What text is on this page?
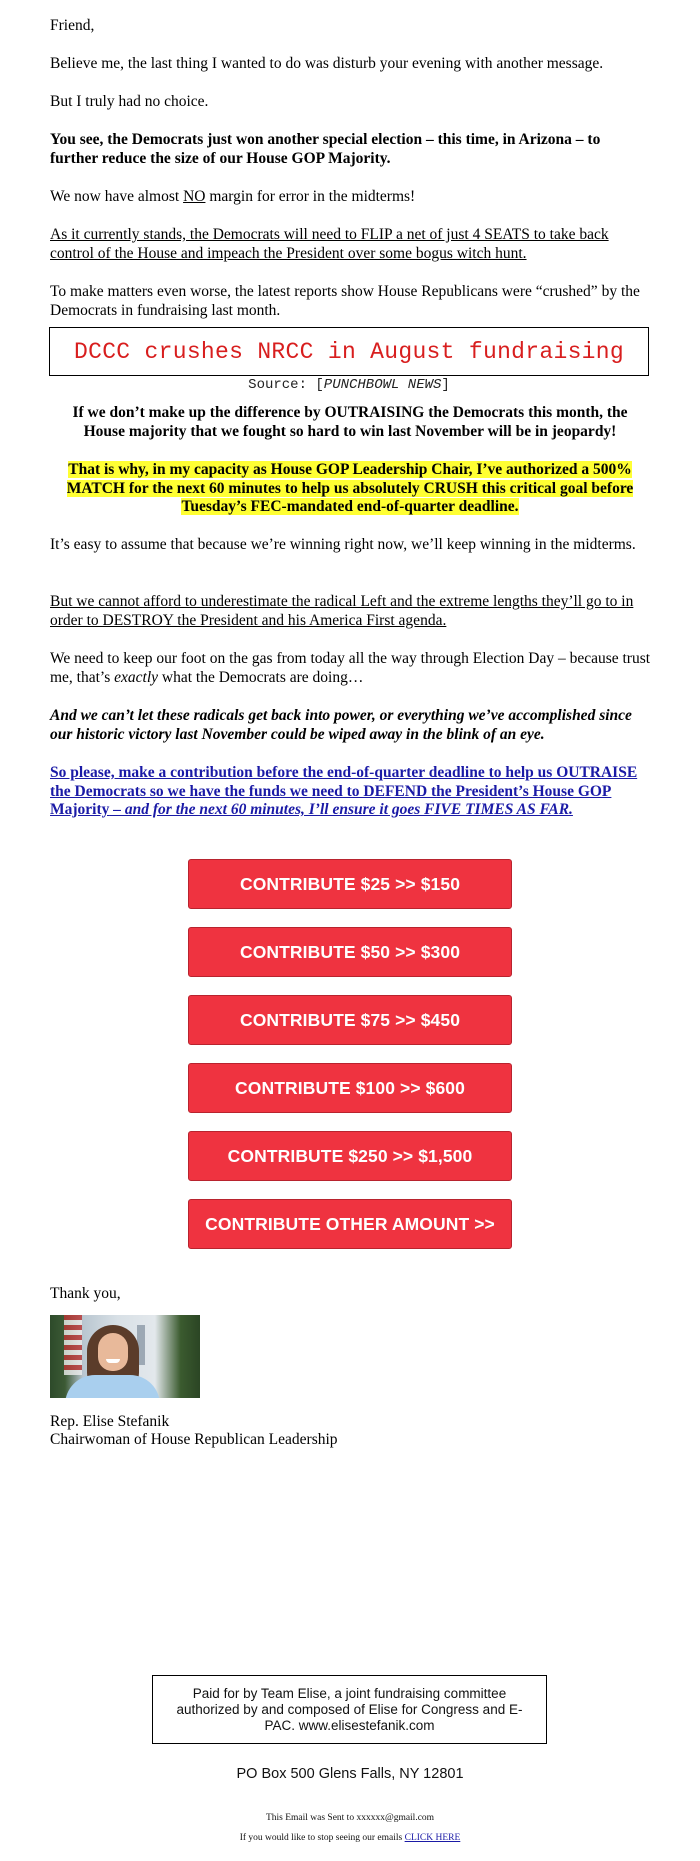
Friend,

Believe me, the last thing I wanted to do was disturb your evening with another message.

But I truly had no choice.

You see, the Democrats just won another special election – this time, in Arizona – to further reduce the size of our House GOP Majority.

We now have almost NO margin for error in the midterms!

As it currently stands, the Democrats will need to FLIP a net of just 4 SEATS to take back control of the House and impeach the President over some bogus witch hunt.

To make matters even worse, the latest reports show House Republicans were “crushed” by the Democrats in fundraising last month.

DCCC crushes NRCC in August fundraising
Source: [PUNCHBOWL NEWS]

If we don’t make up the difference by OUTRAISING the Democrats this month, the House majority that we fought so hard to win last November will be in jeopardy!

That is why, in my capacity as House GOP Leadership Chair, I’ve authorized a 500% MATCH for the next 60 minutes to help us absolutely CRUSH this critical goal before Tuesday’s FEC-mandated end-of-quarter deadline.

It’s easy to assume that because we’re winning right now, we’ll keep winning in the midterms.

But we cannot afford to underestimate the radical Left and the extreme lengths they’ll go to in order to DESTROY the President and his America First agenda.

We need to keep our foot on the gas from today all the way through Election Day – because trust me, that’s exactly what the Democrats are doing…

And we can’t let these radicals get back into power, or everything we’ve accomplished since our historic victory last November could be wiped away in the blink of an eye.

So please, make a contribution before the end-of-quarter deadline to help us OUTRAISE the Democrats so we have the funds we need to DEFEND the President’s House GOP Majority – and for the next 60 minutes, I’ll ensure it goes FIVE TIMES AS FAR.

CONTRIBUTE $25 >> $150
CONTRIBUTE $50 >> $300
CONTRIBUTE $75 >> $450
CONTRIBUTE $100 >> $600
CONTRIBUTE $250 >> $1,500
CONTRIBUTE OTHER AMOUNT >>

Thank you,

Rep. Elise Stefanik

Chairwoman of House Republican Leadership

Paid for by Team Elise, a joint fundraising committee authorized by and composed of Elise for Congress and E-PAC. www.elisestefanik.com
PO Box 500 Glens Falls, NY 12801
This Email was Sent to xxxxxx@gmail.com
If you would like to stop seeing our emails CLICK HERE
